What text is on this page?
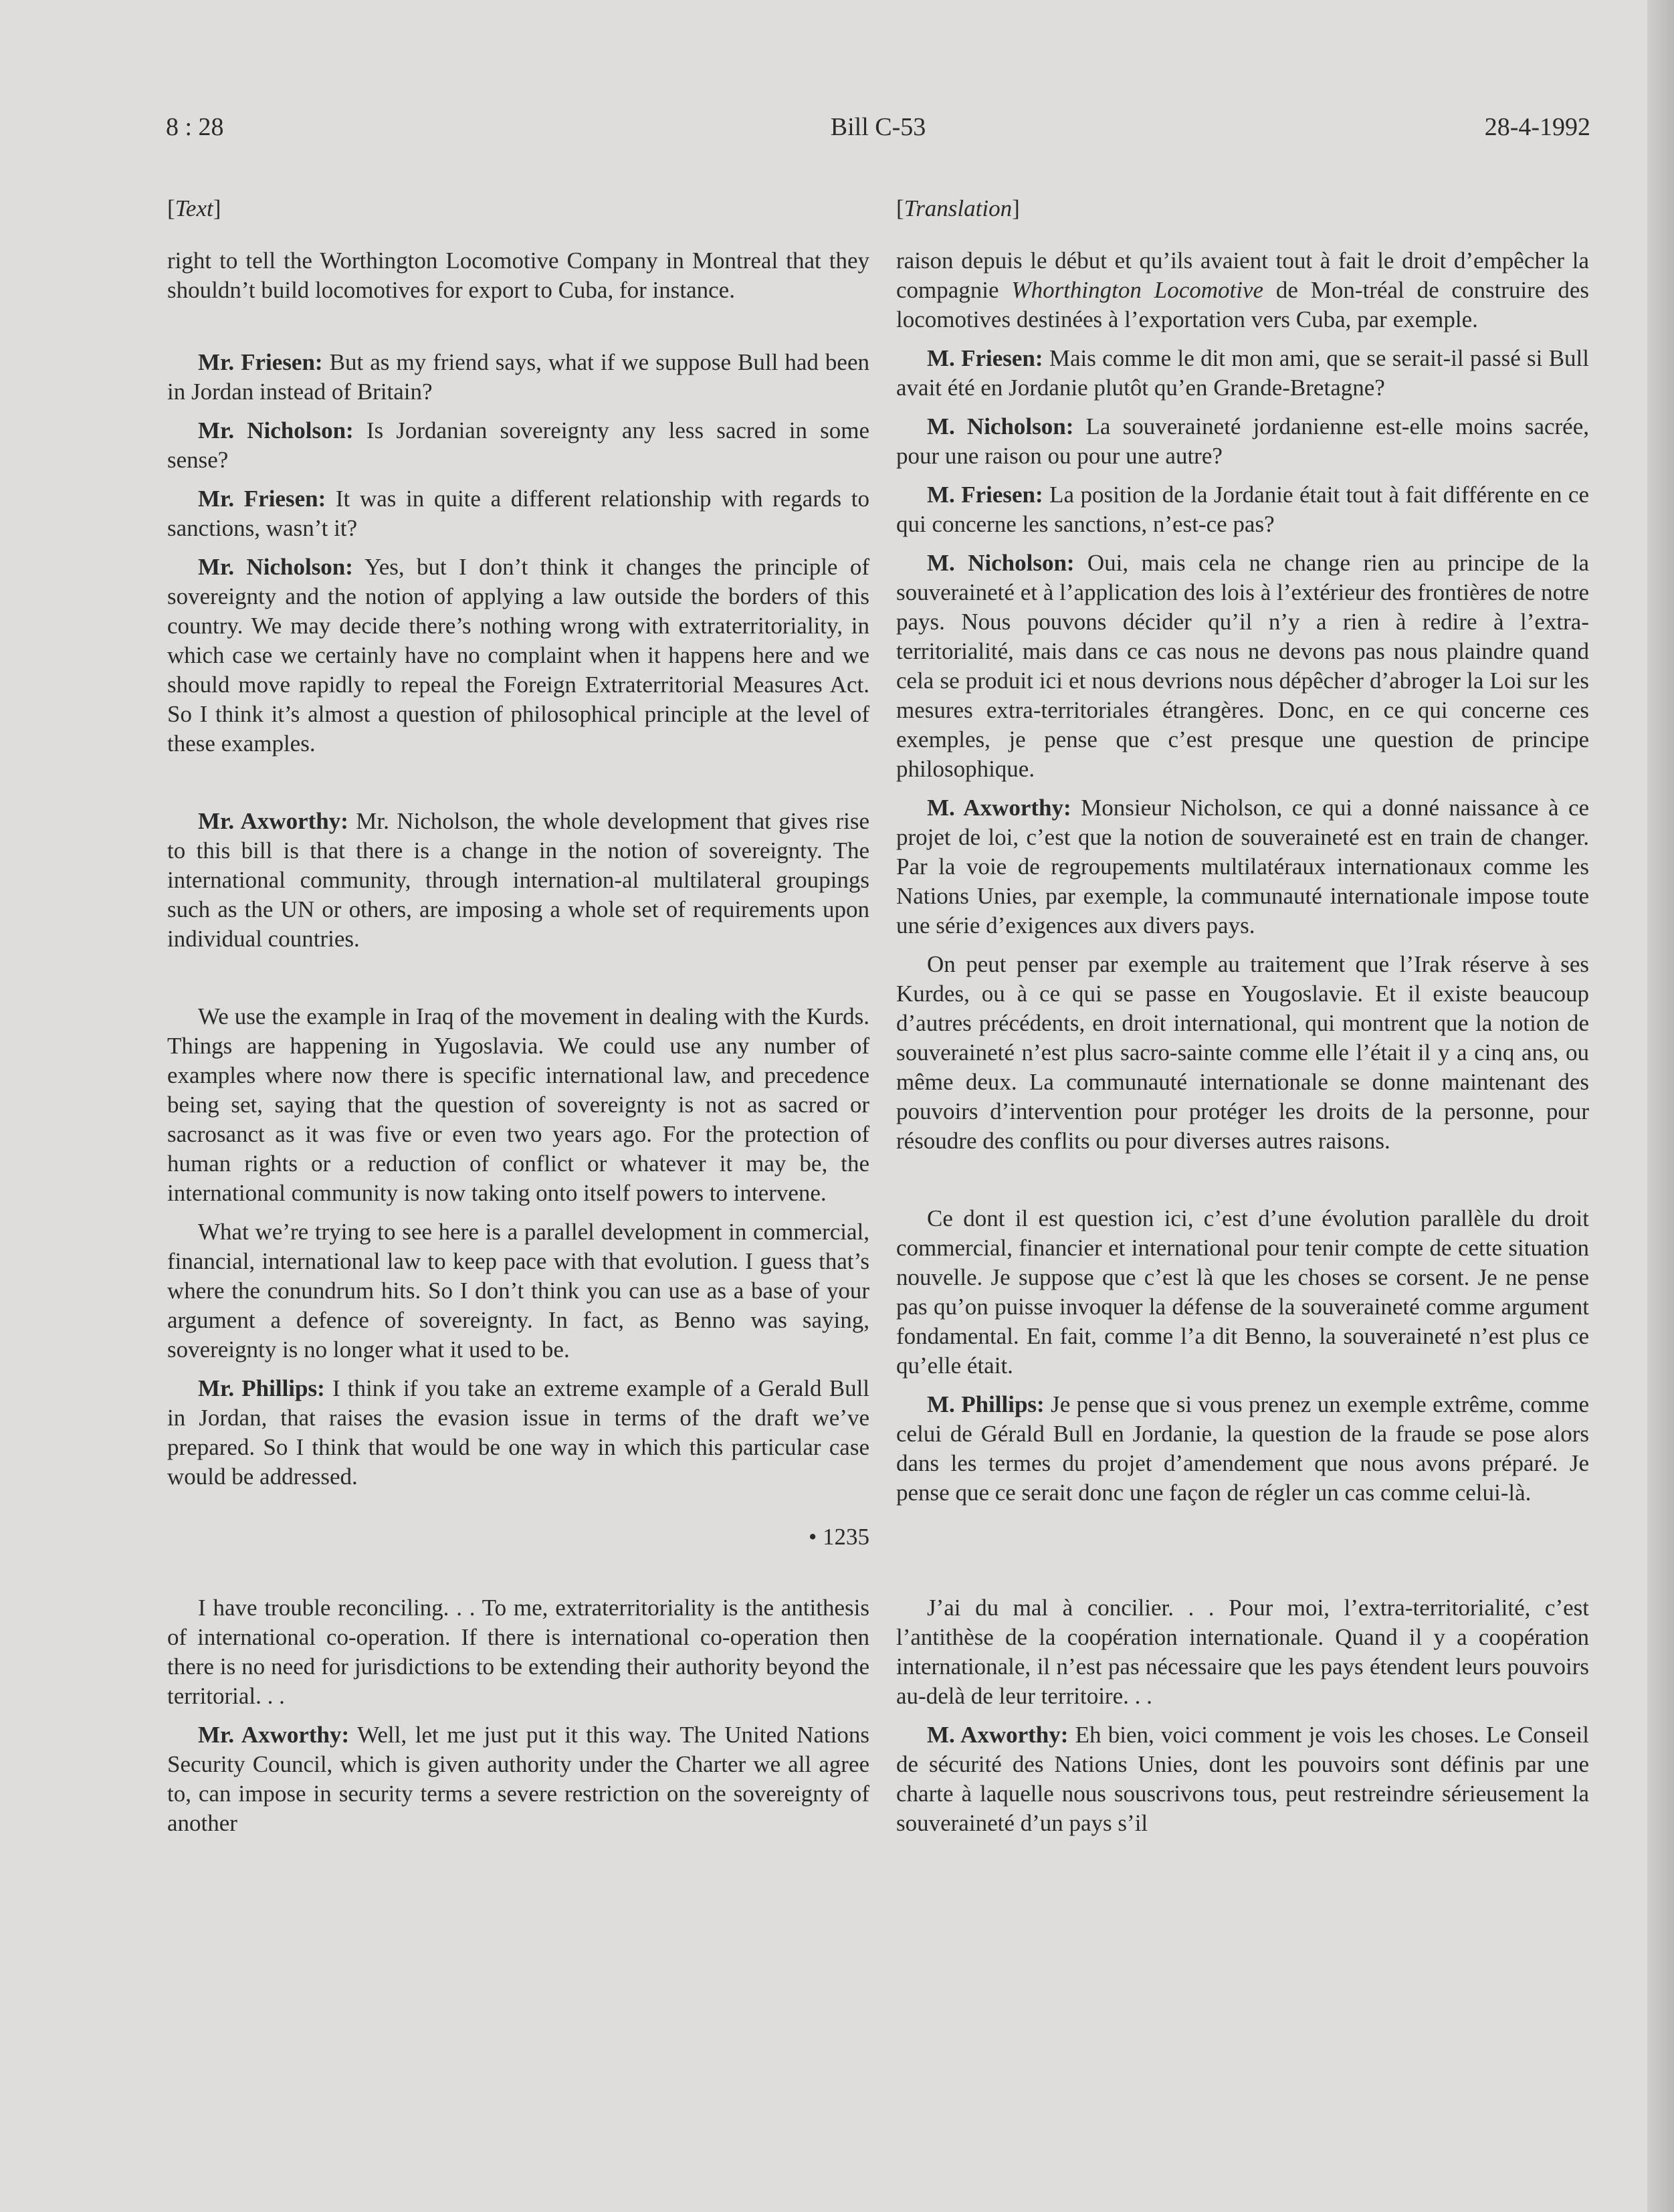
8 : 28	Bill C-53	28-4-1992
[ Text ]

right to tell the Worthington Locomotive Company in Montreal that they shouldn’t build locomotives for export to Cuba, for instance.

Mr. Friesen: But as my friend says, what if we suppose Bull had been in Jordan instead of Britain?

Mr. Nicholson: Is Jordanian sovereignty any less sacred in some sense?

Mr. Friesen: It was in quite a different relationship with regards to sanctions, wasn’t it?

Mr. Nicholson: Yes, but I don’t think it changes the principle of sovereignty and the notion of applying a law outside the borders of this country. We may decide there’s nothing wrong with extraterritoriality, in which case we certainly have no complaint when it happens here and we should move rapidly to repeal the Foreign Extraterritorial Measures Act. So I think it’s almost a question of philosophical principle at the level of these examples.

Mr. Axworthy: Mr. Nicholson, the whole development that gives rise to this bill is that there is a change in the notion of sovereignty. The international community, through internation-al multilateral groupings such as the UN or others, are imposing a whole set of requirements upon individual countries.

We use the example in Iraq of the movement in dealing with the Kurds. Things are happening in Yugoslavia. We could use any number of examples where now there is specific international law, and precedence being set, saying that the question of sovereignty is not as sacred or sacrosanct as it was five or even two years ago. For the protection of human rights or a reduction of conflict or whatever it may be, the international community is now taking onto itself powers to intervene.

What we’re trying to see here is a parallel development in commercial, financial, international law to keep pace with that evolution. I guess that’s where the conundrum hits. So I don’t think you can use as a base of your argument a defence of sovereignty. In fact, as Benno was saying, sovereignty is no longer what it used to be.

Mr. Phillips: I think if you take an extreme example of a Gerald Bull in Jordan, that raises the evasion issue in terms of the draft we’ve prepared. So I think that would be one way in which this particular case would be addressed.

• 1235

I have trouble reconciling. . . To me, extraterritoriality is the antithesis of international co-operation. If there is international co-operation then there is no need for jurisdictions to be extending their authority beyond the territorial. . .

Mr. Axworthy: Well, let me just put it this way. The United Nations Security Council, which is given authority under the Charter we all agree to, can impose in security terms a severe restriction on the sovereignty of another

[ Translation ]

raison depuis le début et qu’ils avaient tout à fait le droit d’empêcher la compagnie Whorthington Locomotive de Mon-tréal de construire des locomotives destinées à l’exportation vers Cuba, par exemple.

M. Friesen: Mais comme le dit mon ami, que se serait-il passé si Bull avait été en Jordanie plutôt qu’en Grande-Bretagne?

M. Nicholson: La souveraineté jordanienne est-elle moins sacrée, pour une raison ou pour une autre?

M. Friesen: La position de la Jordanie était tout à fait différente en ce qui concerne les sanctions, n’est-ce pas?

M. Nicholson: Oui, mais cela ne change rien au principe de la souveraineté et à l’application des lois à l’extérieur des frontières de notre pays. Nous pouvons décider qu’il n’y a rien à redire à l’extra-territorialité, mais dans ce cas nous ne devons pas nous plaindre quand cela se produit ici et nous devrions nous dépêcher d’abroger la Loi sur les mesures extra-territoriales étrangères. Donc, en ce qui concerne ces exemples, je pense que c’est presque une question de principe philosophique.

M. Axworthy: Monsieur Nicholson, ce qui a donné naissance à ce projet de loi, c’est que la notion de souveraineté est en train de changer. Par la voie de regroupements multilatéraux internationaux comme les Nations Unies, par exemple, la communauté internationale impose toute une série d’exigences aux divers pays.

On peut penser par exemple au traitement que l’Irak réserve à ses Kurdes, ou à ce qui se passe en Yougoslavie. Et il existe beaucoup d’autres précédents, en droit international, qui montrent que la notion de souveraineté n’est plus sacro-sainte comme elle l’était il y a cinq ans, ou même deux. La communauté internationale se donne maintenant des pouvoirs d’intervention pour protéger les droits de la personne, pour résoudre des conflits ou pour diverses autres raisons.

Ce dont il est question ici, c’est d’une évolution parallèle du droit commercial, financier et international pour tenir compte de cette situation nouvelle. Je suppose que c’est là que les choses se corsent. Je ne pense pas qu’on puisse invoquer la défense de la souveraineté comme argument fondamental. En fait, comme l’a dit Benno, la souveraineté n’est plus ce qu’elle était.

M. Phillips: Je pense que si vous prenez un exemple extrême, comme celui de Gérald Bull en Jordanie, la question de la fraude se pose alors dans les termes du projet d’amendement que nous avons préparé. Je pense que ce serait donc une façon de régler un cas comme celui-là.

J’ai du mal à concilier. . . Pour moi, l’extra-territorialité, c’est l’antithèse de la coopération internationale. Quand il y a coopération internationale, il n’est pas nécessaire que les pays étendent leurs pouvoirs au-delà de leur territoire. . .

M. Axworthy: Eh bien, voici comment je vois les choses. Le Conseil de sécurité des Nations Unies, dont les pouvoirs sont définis par une charte à laquelle nous souscrivons tous, peut restreindre sérieusement la souveraineté d’un pays s’il
